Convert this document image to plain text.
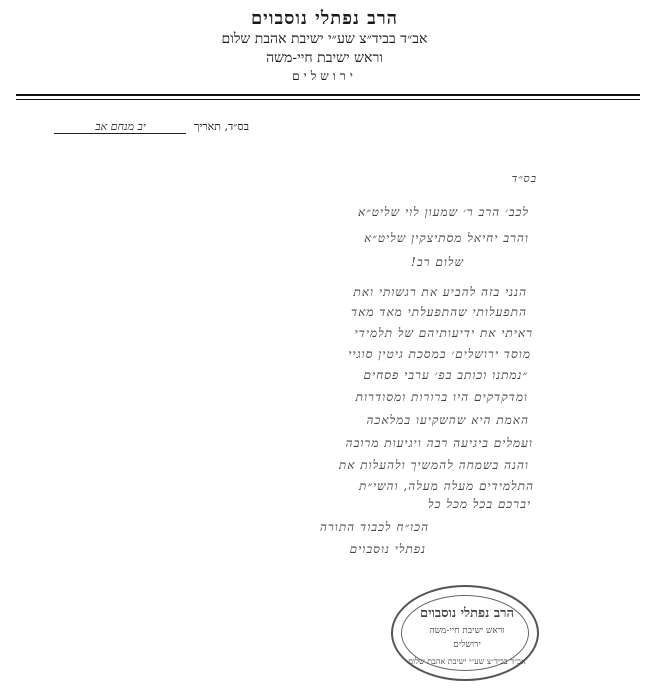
הרב נפתלי נוסבוים
אב״ד בביד״צ שע״י ישיבת אהבת שלום
וראש ישיבת חיי-משה
ירושלים
בס״ד, תאריך יב מנחם אב
בס״ד
לכב׳ הרב ר׳ שמעון לוי שליט״א
והרב יחיאל מסתיצקין שליט״א
שלום רב!
הנני בזה להביע את רגשותי ואת
התפעלותי שהתפעלתי מאד מאד
ראיתי את ידיעותיהם של תלמידי
מוסד ירושלים׳ במסכת גיטין סוגיי
״נמתנו וכותב בפ׳ ערבי פסחים
ומדקדקים היו ברורות ומסודרות
האמת היא שהשקיעו במלאכה
ועמלים ביגיעה רבה ויגיעות מרובה
והנה בשמחה להמשיך ולהעלות את
התלמידים מעלה מעלה, והשי״ת
יברכם בכל מכל כל
הכו״ח לכבוד התורה
נפתלי נוסבוים
הרב נפתלי נוסבוים
וראש ישיבת חיי-משה
ירושלים
אב״ד בביד״צ שע״י ישיבת אהבת שלום
